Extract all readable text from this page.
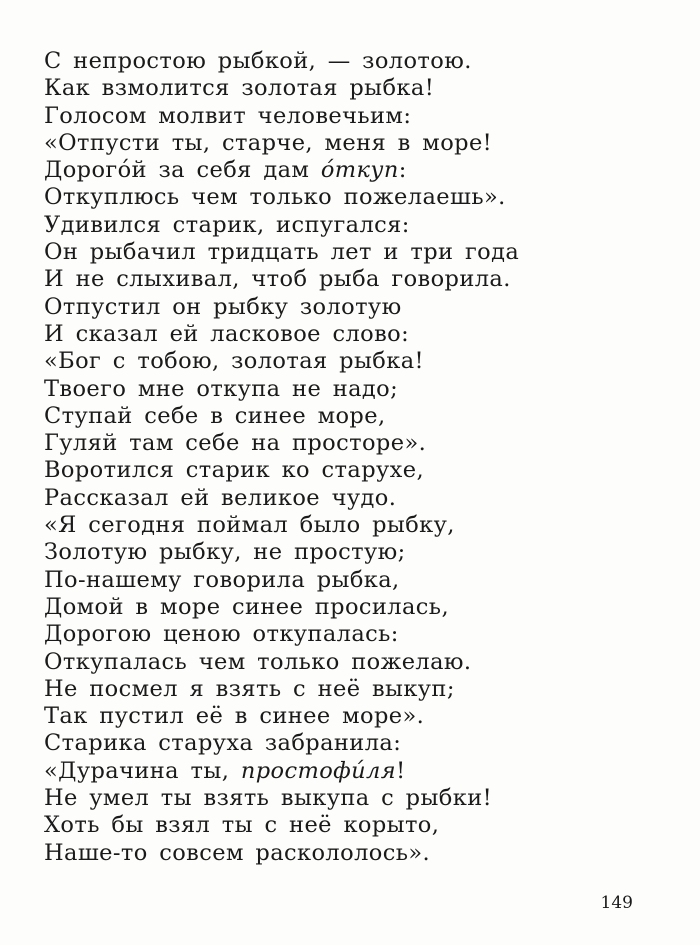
С непростою рыбкой, — золотою.
Как взмолится золотая рыбка!
Голосом молвит человечьим:
«Отпусти ты, старче, меня в море!
Дорого́й за себя дам о́ткуп:
Откуплюсь чем только пожелаешь».
Удивился старик, испугался:
Он рыбачил тридцать лет и три года
И не слыхивал, чтоб рыба говорила.
Отпустил он рыбку золотую
И сказал ей ласковое слово:
«Бог с тобою, золотая рыбка!
Твоего мне откупа не надо;
Ступай себе в синее море,
Гуляй там себе на просторе».
Воротился старик ко старухе,
Рассказал ей великое чудо.
«Я сегодня поймал было рыбку,
Золотую рыбку, не простую;
По-нашему говорила рыбка,
Домой в море синее просилась,
Дорогою ценою откупалась:
Откупалась чем только пожелаю.
Не посмел я взять с неё выкуп;
Так пустил её в синее море».
Старика старуха забранила:
«Дурачина ты, простофи́ля!
Не умел ты взять выкупа с рыбки!
Хоть бы взял ты с неё корыто,
Наше-то совсем раскололось».
149
